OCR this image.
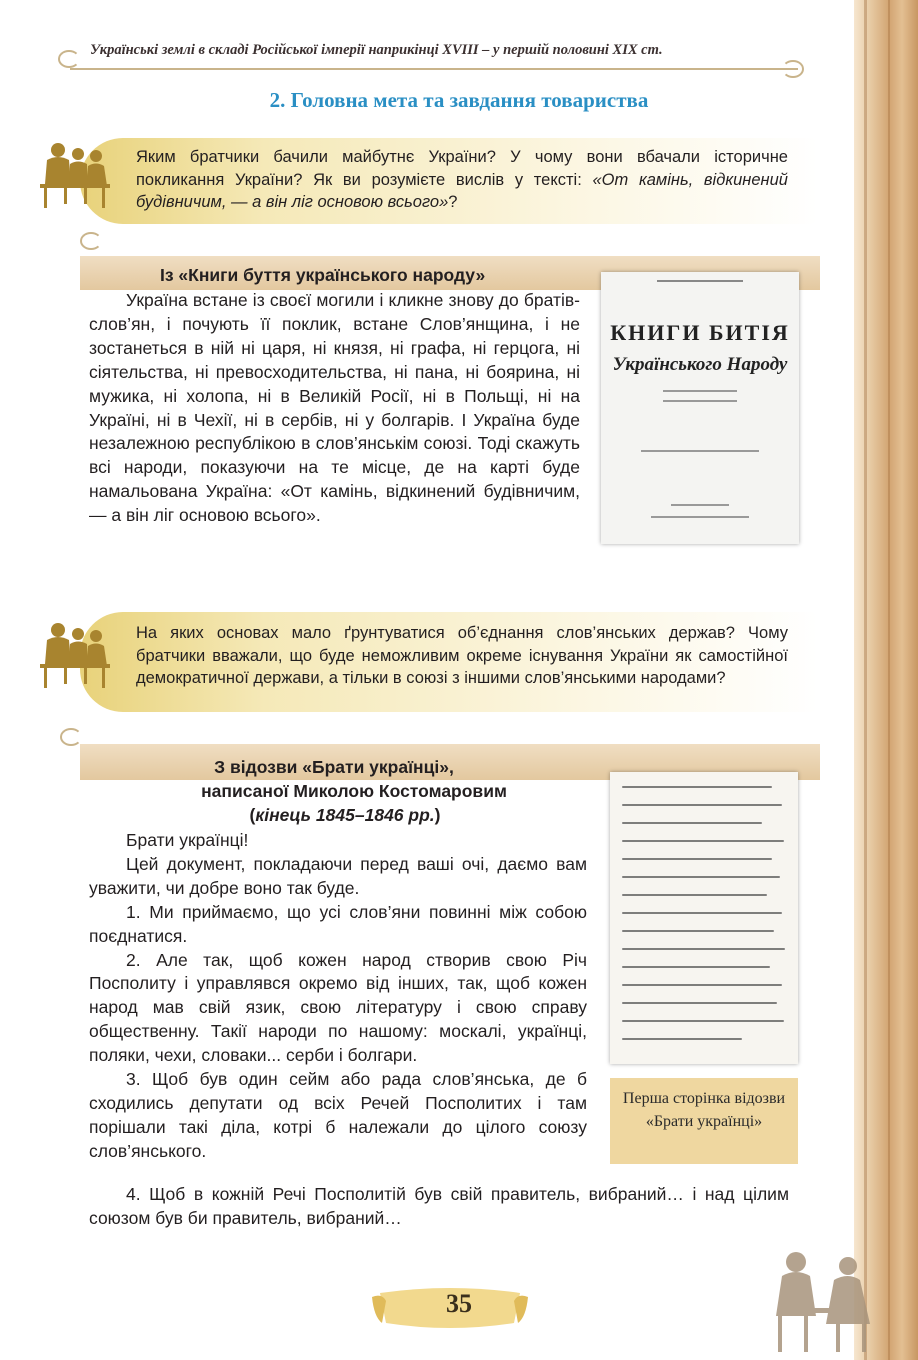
Українські землі в складі Російської імперії наприкінці XVIII – у першій половині XIX ст.
2. Головна мета та завдання товариства
Яким братчики бачили майбутнє України? У чому вони вбачали історичне покликання України? Як ви розумієте вислів у тексті: «От камінь, відкинений будівничим, — а він ліг основою всього»?
Із «Книги буття українського народу»

Україна встане із своєї могили і кликне знову до братів-слов’ян, і почують її поклик, встане Слов’янщина, і не зостанеться в ній ні царя, ні князя, ні графа, ні герцога, ні сіятельства, ні превосходительства, ні пана, ні боярина, ні мужика, ні холопа, ні в Великій Росії, ні в Польщі, ні на Україні, ні в Чехії, ні в сербів, ні у болгарів. І Україна буде незалежною республікою в слов’янськім союзі. Тоді скажуть всі народи, показуючи на те місце, де на карті буде намальована Україна: «От камінь, відкинений будівничим, — а він ліг основою всього».

КНИГИ БИТІЯ
Українського Народу
На яких основах мало ґрунтуватися об’єднання слов’янських держав? Чому братчики вважали, що буде неможливим окреме існування України як самостійної демократичної держави, а тільки в союзі з іншими слов’янськими народами?
З відозви «Брати українці»,
написаної Миколою Костомаровим
(кінець 1845–1846 рр.)

Брати українці!

Цей документ, покладаючи перед ваші очі, даємо вам уважити, чи добре воно так буде.

1. Ми приймаємо, що усі слов’яни повинні між собою поєднатися.

2. Але так, щоб кожен народ створив свою Річ Посполиту і управлявся окремо від інших, так, щоб кожен народ мав свій язик, свою літературу і свою справу общественну. Такії народи по нашому: москалі, українці, поляки, чехи, словаки... серби і болгари.

3. Щоб був один сейм або рада слов’янська, де б сходились депутати од всіх Речей Посполитих і там порішали такі діла, котрі б належали до цілого союзу слов’янського.

4. Щоб в кожній Речі Посполитій був свій правитель, вибраний… і над цілим союзом був би правитель, вибраний…

Перша сторінка відозви «Брати українці»
35
